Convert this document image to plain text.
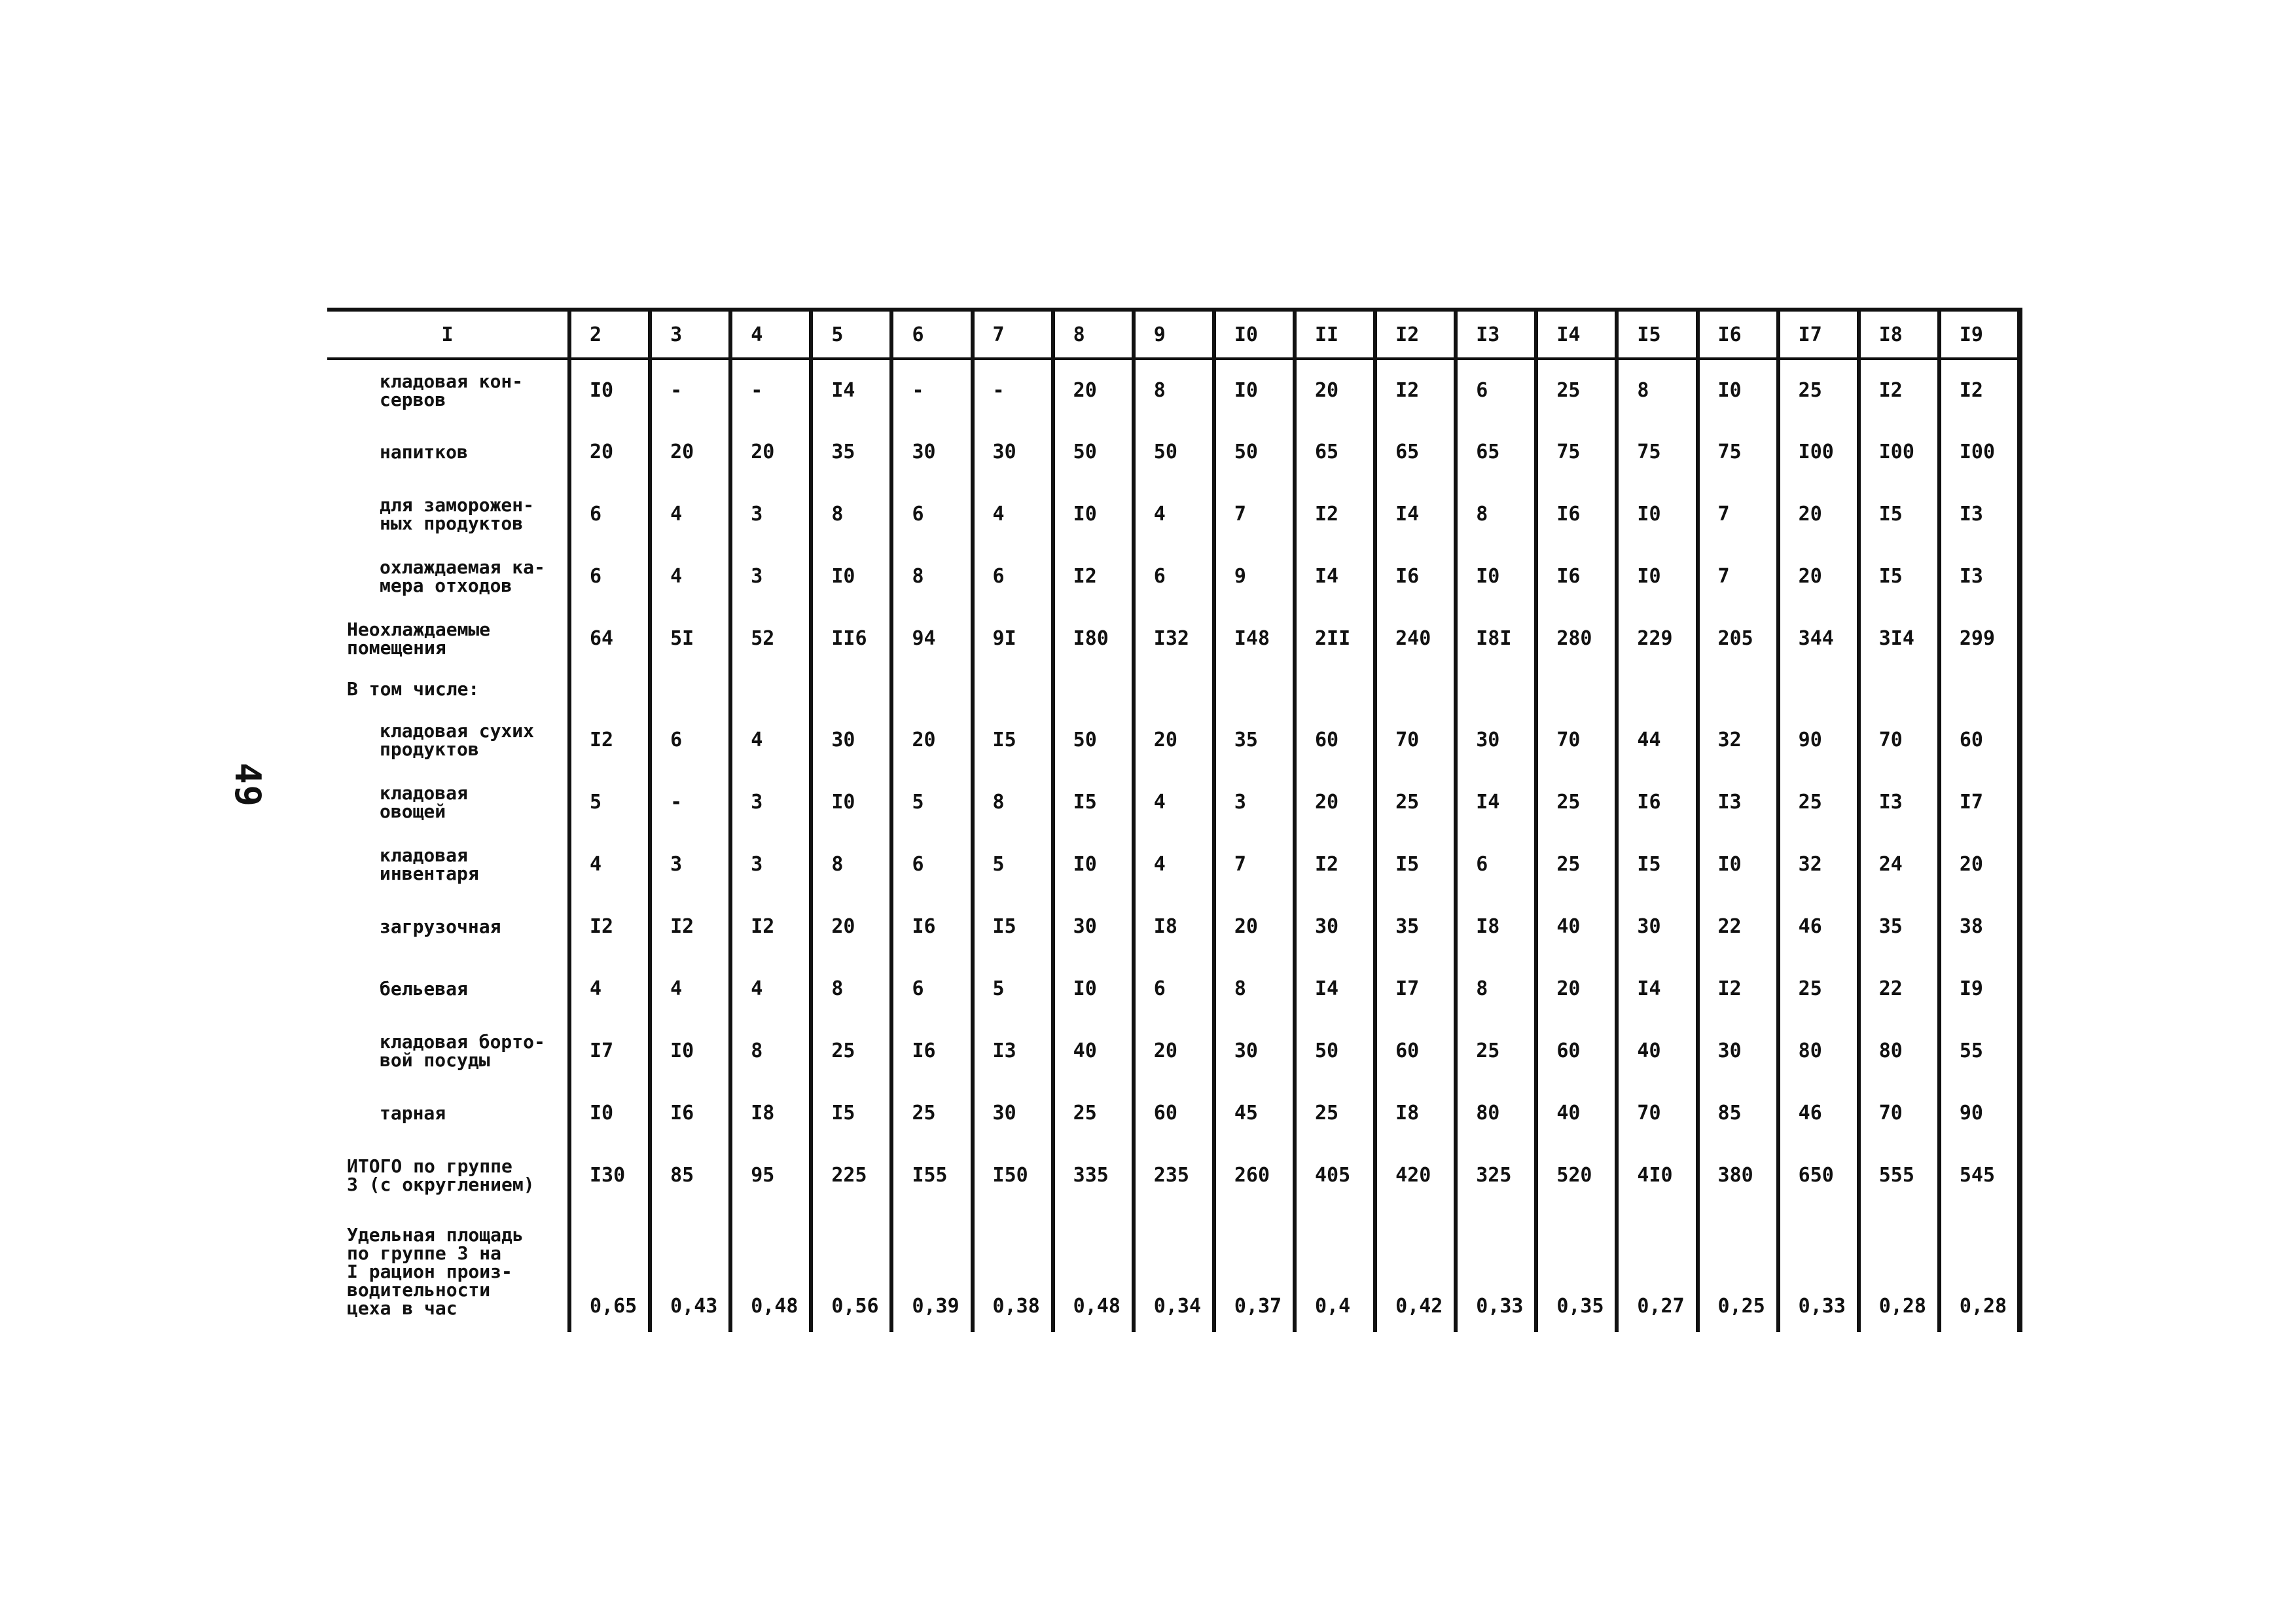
49
I	2	3	4	5	6	7	8	9	I0	II	I2	I3	I4	I5	I6	I7	I8	I9
кладовая кон-
сервов	I0	-	-	I4	-	-	20	8	I0	20	I2	6	25	8	I0	25	I2	I2
напитков	20	20	20	35	30	30	50	50	50	65	65	65	75	75	75	I00	I00	I00
для заморожен-
ных продуктов	6	4	3	8	6	4	I0	4	7	I2	I4	8	I6	I0	7	20	I5	I3
охлаждаемая ка-
мера отходов	6	4	3	I0	8	6	I2	6	9	I4	I6	I0	I6	I0	7	20	I5	I3
Неохлаждаемые
помещения	64	5I	52	II6	94	9I	I80	I32	I48	2II	240	I8I	280	229	205	344	3I4	299
В том числе:																		
кладовая сухих
продуктов	I2	6	4	30	20	I5	50	20	35	60	70	30	70	44	32	90	70	60
кладовая
овощей	5	-	3	I0	5	8	I5	4	3	20	25	I4	25	I6	I3	25	I3	I7
кладовая
инвентаря	4	3	3	8	6	5	I0	4	7	I2	I5	6	25	I5	I0	32	24	20
загрузочная	I2	I2	I2	20	I6	I5	30	I8	20	30	35	I8	40	30	22	46	35	38
бельевая	4	4	4	8	6	5	I0	6	8	I4	I7	8	20	I4	I2	25	22	I9
кладовая борто-
вой посуды	I7	I0	8	25	I6	I3	40	20	30	50	60	25	60	40	30	80	80	55
тарная	I0	I6	I8	I5	25	30	25	60	45	25	I8	80	40	70	85	46	70	90
ИТОГО по группе
3 (с округлением)	I30	85	95	225	I55	I50	335	235	260	405	420	325	520	4I0	380	650	555	545
Удельная площадь
по группе 3 на
I рацион произ-
водительности
цеха в час	0,65	0,43	0,48	0,56	0,39	0,38	0,48	0,34	0,37	0,4	0,42	0,33	0,35	0,27	0,25	0,33	0,28	0,28
